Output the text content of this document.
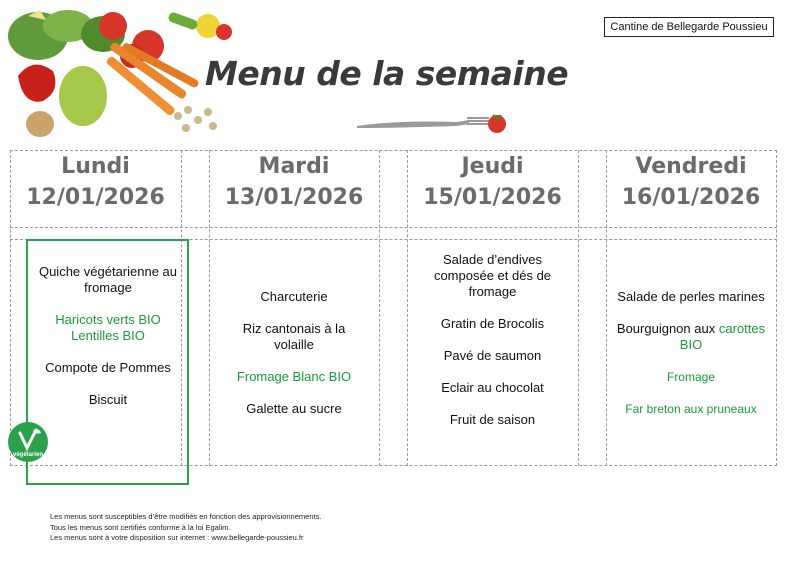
Menu de la semaine
Cantine de Bellegarde Poussieu
Lundi
12/01/2026
Mardi
13/01/2026
Jeudi
15/01/2026
Vendredi
16/01/2026
Quiche végétarienne au fromage
Haricots verts BIO Lentilles BIO
Compote de Pommes
Biscuit
Charcuterie
Riz cantonais à la volaille
Fromage Blanc BIO
Galette au sucre
Salade d’endives composée et dés de fromage
Gratin de Brocolis
Pavé de saumon
Eclair au chocolat
Fruit de saison
Salade de perles marines
Bourguignon aux carottes BIO
Fromage
Far breton aux pruneaux
végétarien
Les menus sont susceptibles d’être modifiés en fonction des approvisionnements.
Tous les menus sont certifiés conforme à la loi Egalim.
Les menus sont à votre disposition sur internet : www.bellegarde-poussieu.fr
